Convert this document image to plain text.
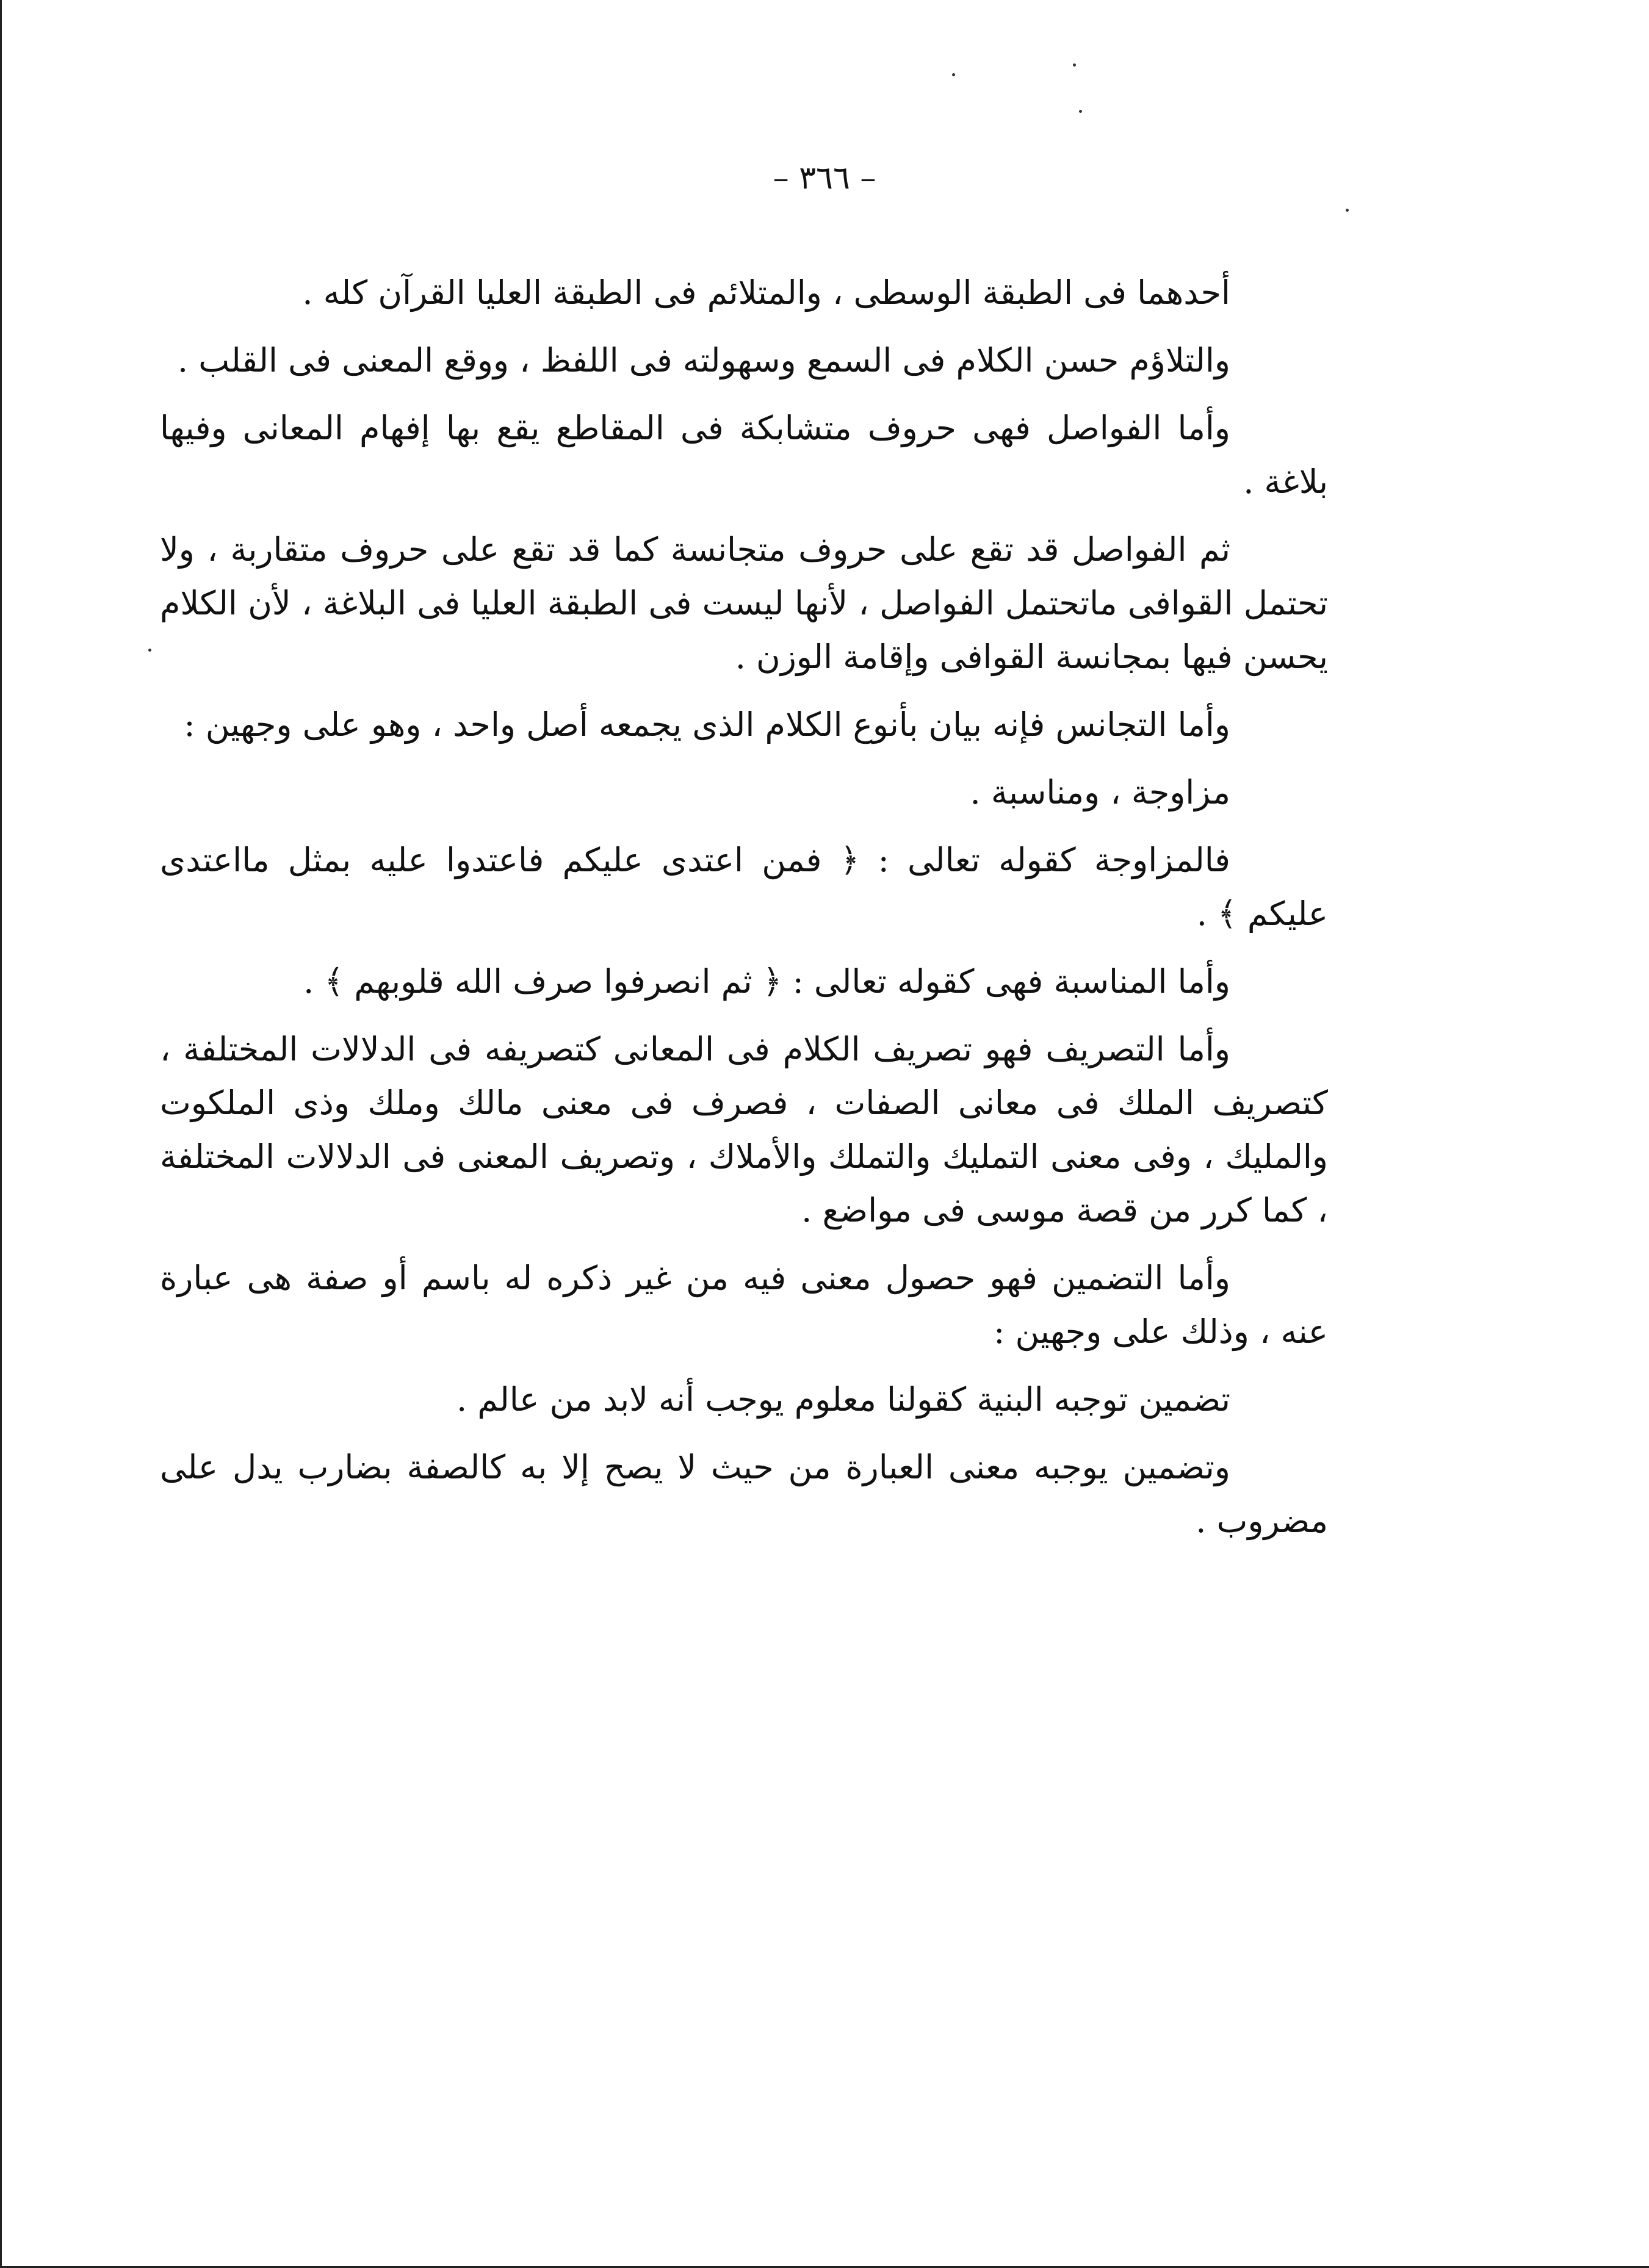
– ٣٦٦ –

أحدهما فى الطبقة الوسطى ، والمتلائم فى الطبقة العليا القرآن كله .

والتلاؤم حسن الكلام فى السمع وسهولته فى اللفظ ، ووقع المعنى فى القلب .

وأما الفواصل فهى حروف متشابكة فى المقاطع يقع بها إفهام المعانى وفيها بلاغة .

ثم الفواصل قد تقع على حروف متجانسة كما قد تقع على حروف متقاربة ، ولا تحتمل القوافى ماتحتمل الفواصل ، لأنها ليست فى الطبقة العليا فى البلاغة ، لأن الكلام يحسن فيها بمجانسة القوافى وإقامة الوزن .

وأما التجانس فإنه بيان بأنوع الكلام الذى يجمعه أصل واحد ، وهو على وجهين :

مزاوجة ، ومناسبة .

فالمزاوجة كقوله تعالى : ﴿ فمن اعتدى عليكم فاعتدوا عليه بمثل مااعتدى عليكم ﴾ .

وأما المناسبة فهى كقوله تعالى : ﴿ ثم انصرفوا صرف الله قلوبهم ﴾ .

وأما التصريف فهو تصريف الكلام فى المعانى كتصريفه فى الدلالات المختلفة ، كتصريف الملك فى معانى الصفات ، فصرف فى معنى مالك وملك وذى الملكوت والمليك ، وفى معنى التمليك والتملك والأملاك ، وتصريف المعنى فى الدلالات المختلفة ، كما كرر من قصة موسى فى مواضع .

وأما التضمين فهو حصول معنى فيه من غير ذكره له باسم أو صفة هى عبارة عنه ، وذلك على وجهين :

تضمين توجبه البنية كقولنا معلوم يوجب أنه لابد من عالم .

وتضمين يوجبه معنى العبارة من حيث لا يصح إلا به كالصفة بضارب يدل على مضروب .
